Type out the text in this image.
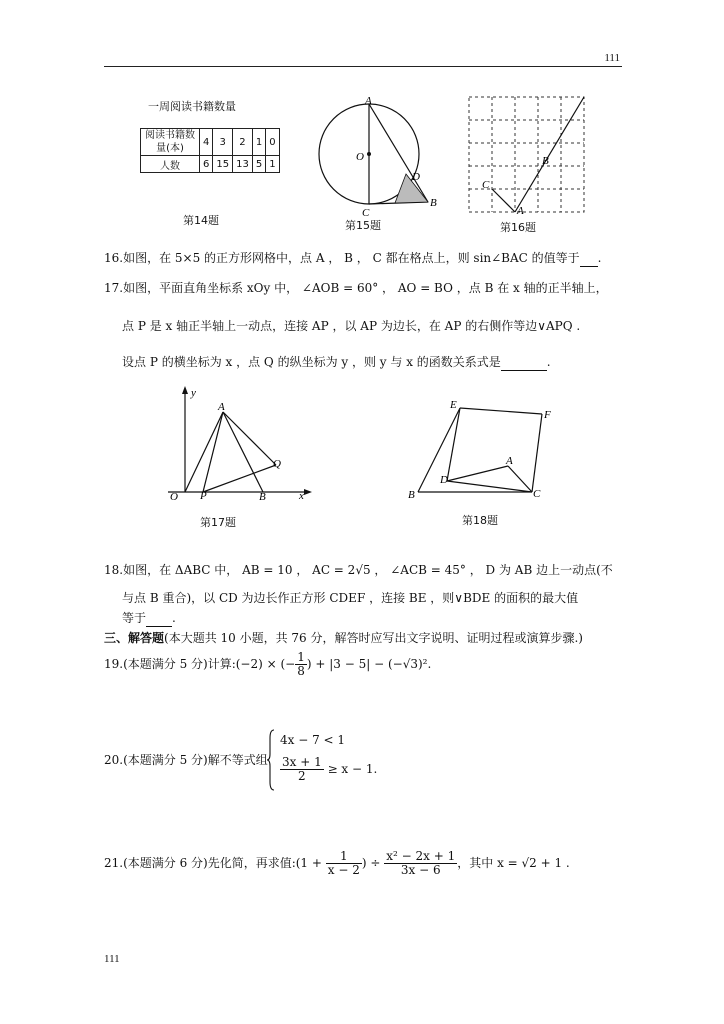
111
一周阅读书籍数量
阅读书籍数量(本)	4	3	2	1	0
人数	6	15	13	5	1
第14题
A
O
C
D
B
第15题
B
C
A
第16题
16.如图，在 5×5 的正方形网格中，点 A ， B ， C 都在格点上，则 sin∠BAC 的值等于 .
17.如图，平面直角坐标系 xOy 中， ∠AOB = 60° ， AO = BO ，点 B 在 x 轴的正半轴上，
点 P 是 x 轴正半轴上一动点，连接 AP ，以 AP 为边长，在 AP 的右侧作等边∨APQ .
设点 P 的横坐标为 x ，点 Q 的纵坐标为 y ，则 y 与 x 的函数关系式是	.
y
A
Q
O P	B	x
第17题
E
F
A
D
B	C
第18题
18.如图，在 ΔABC 中， AB = 10 ， AC = 2√5 ， ∠ACB = 45° ， D 为 AB 边上一动点(不
与点 B 重合)，以 CD 为边长作正方形 CDEF ，连接 BE ，则∨BDE 的面积的最大值
等于 .
三、解答题(本大题共 10 小题，共 76 分，解答时应写出文字说明、证明过程或演算步骤.)
19.(本题满分 5 分)计算:(−2) × (− $\frac{1}{8}$ ) + |3 − 5| − (−√3)².
20.(本题满分 5 分)解不等式组
4x − 7 < 1
$\frac{3x + 1}{2} \ge x - 1$.
21.(本题满分 6 分)先化简，再求值:(1 + $\frac{1}{x - 2}$ ) ÷ $\frac{\text{x² − 2x + 1}}{3x - 6}$ ，其中 x = √2 + 1 .
111
